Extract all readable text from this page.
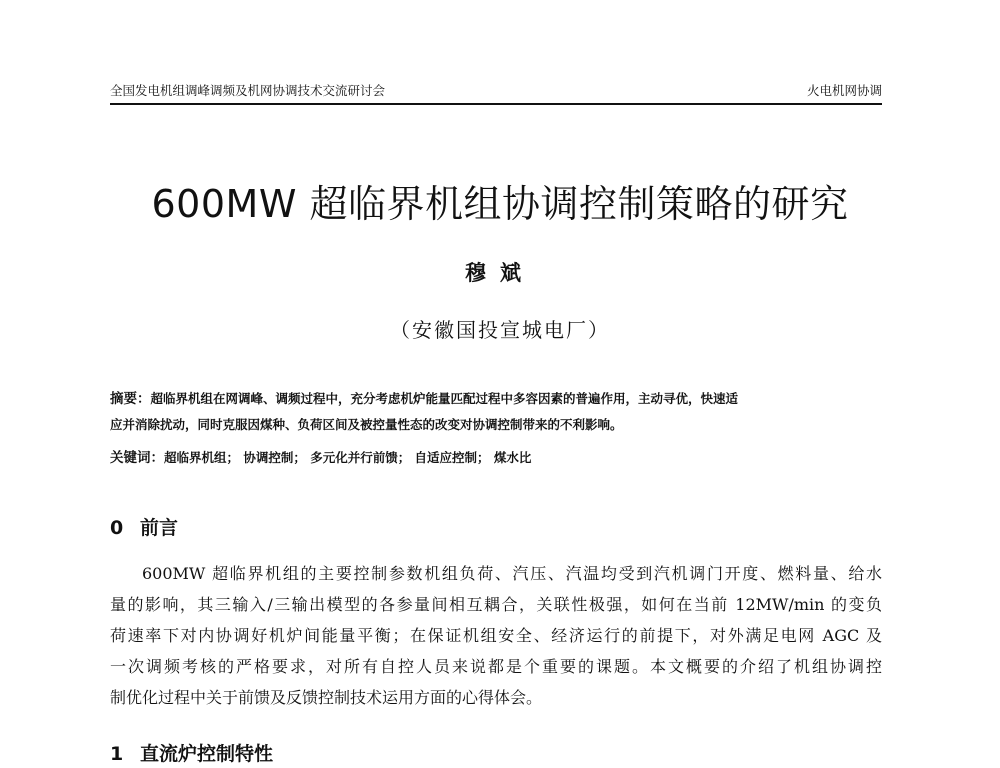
全国发电机组调峰调频及机网协调技术交流研讨会	火电机网协调
600MW 超临界机组协调控制策略的研究
穆斌
（安徽国投宣城电厂）
摘要：超临界机组在网调峰、调频过程中，充分考虑机炉能量匹配过程中多容因素的普遍作用，主动寻优，快速适
应并消除扰动，同时克服因煤种、负荷区间及被控量性态的改变对协调控制带来的不利影响。
关键词：超临界机组； 协调控制； 多元化并行前馈； 自适应控制； 煤水比
0 前言
600MW 超临界机组的主要控制参数机组负荷、汽压、汽温均受到汽机调门开度、燃料量、给水
量的影响，其三输入/三输出模型的各参量间相互耦合，关联性极强，如何在当前 12MW/min 的变负
荷速率下对内协调好机炉间能量平衡；在保证机组安全、经济运行的前提下，对外满足电网 AGC 及
一次调频考核的严格要求，对所有自控人员来说都是个重要的课题。本文概要的介绍了机组协调控
制优化过程中关于前馈及反馈控制技术运用方面的心得体会。
1 直流炉控制特性
